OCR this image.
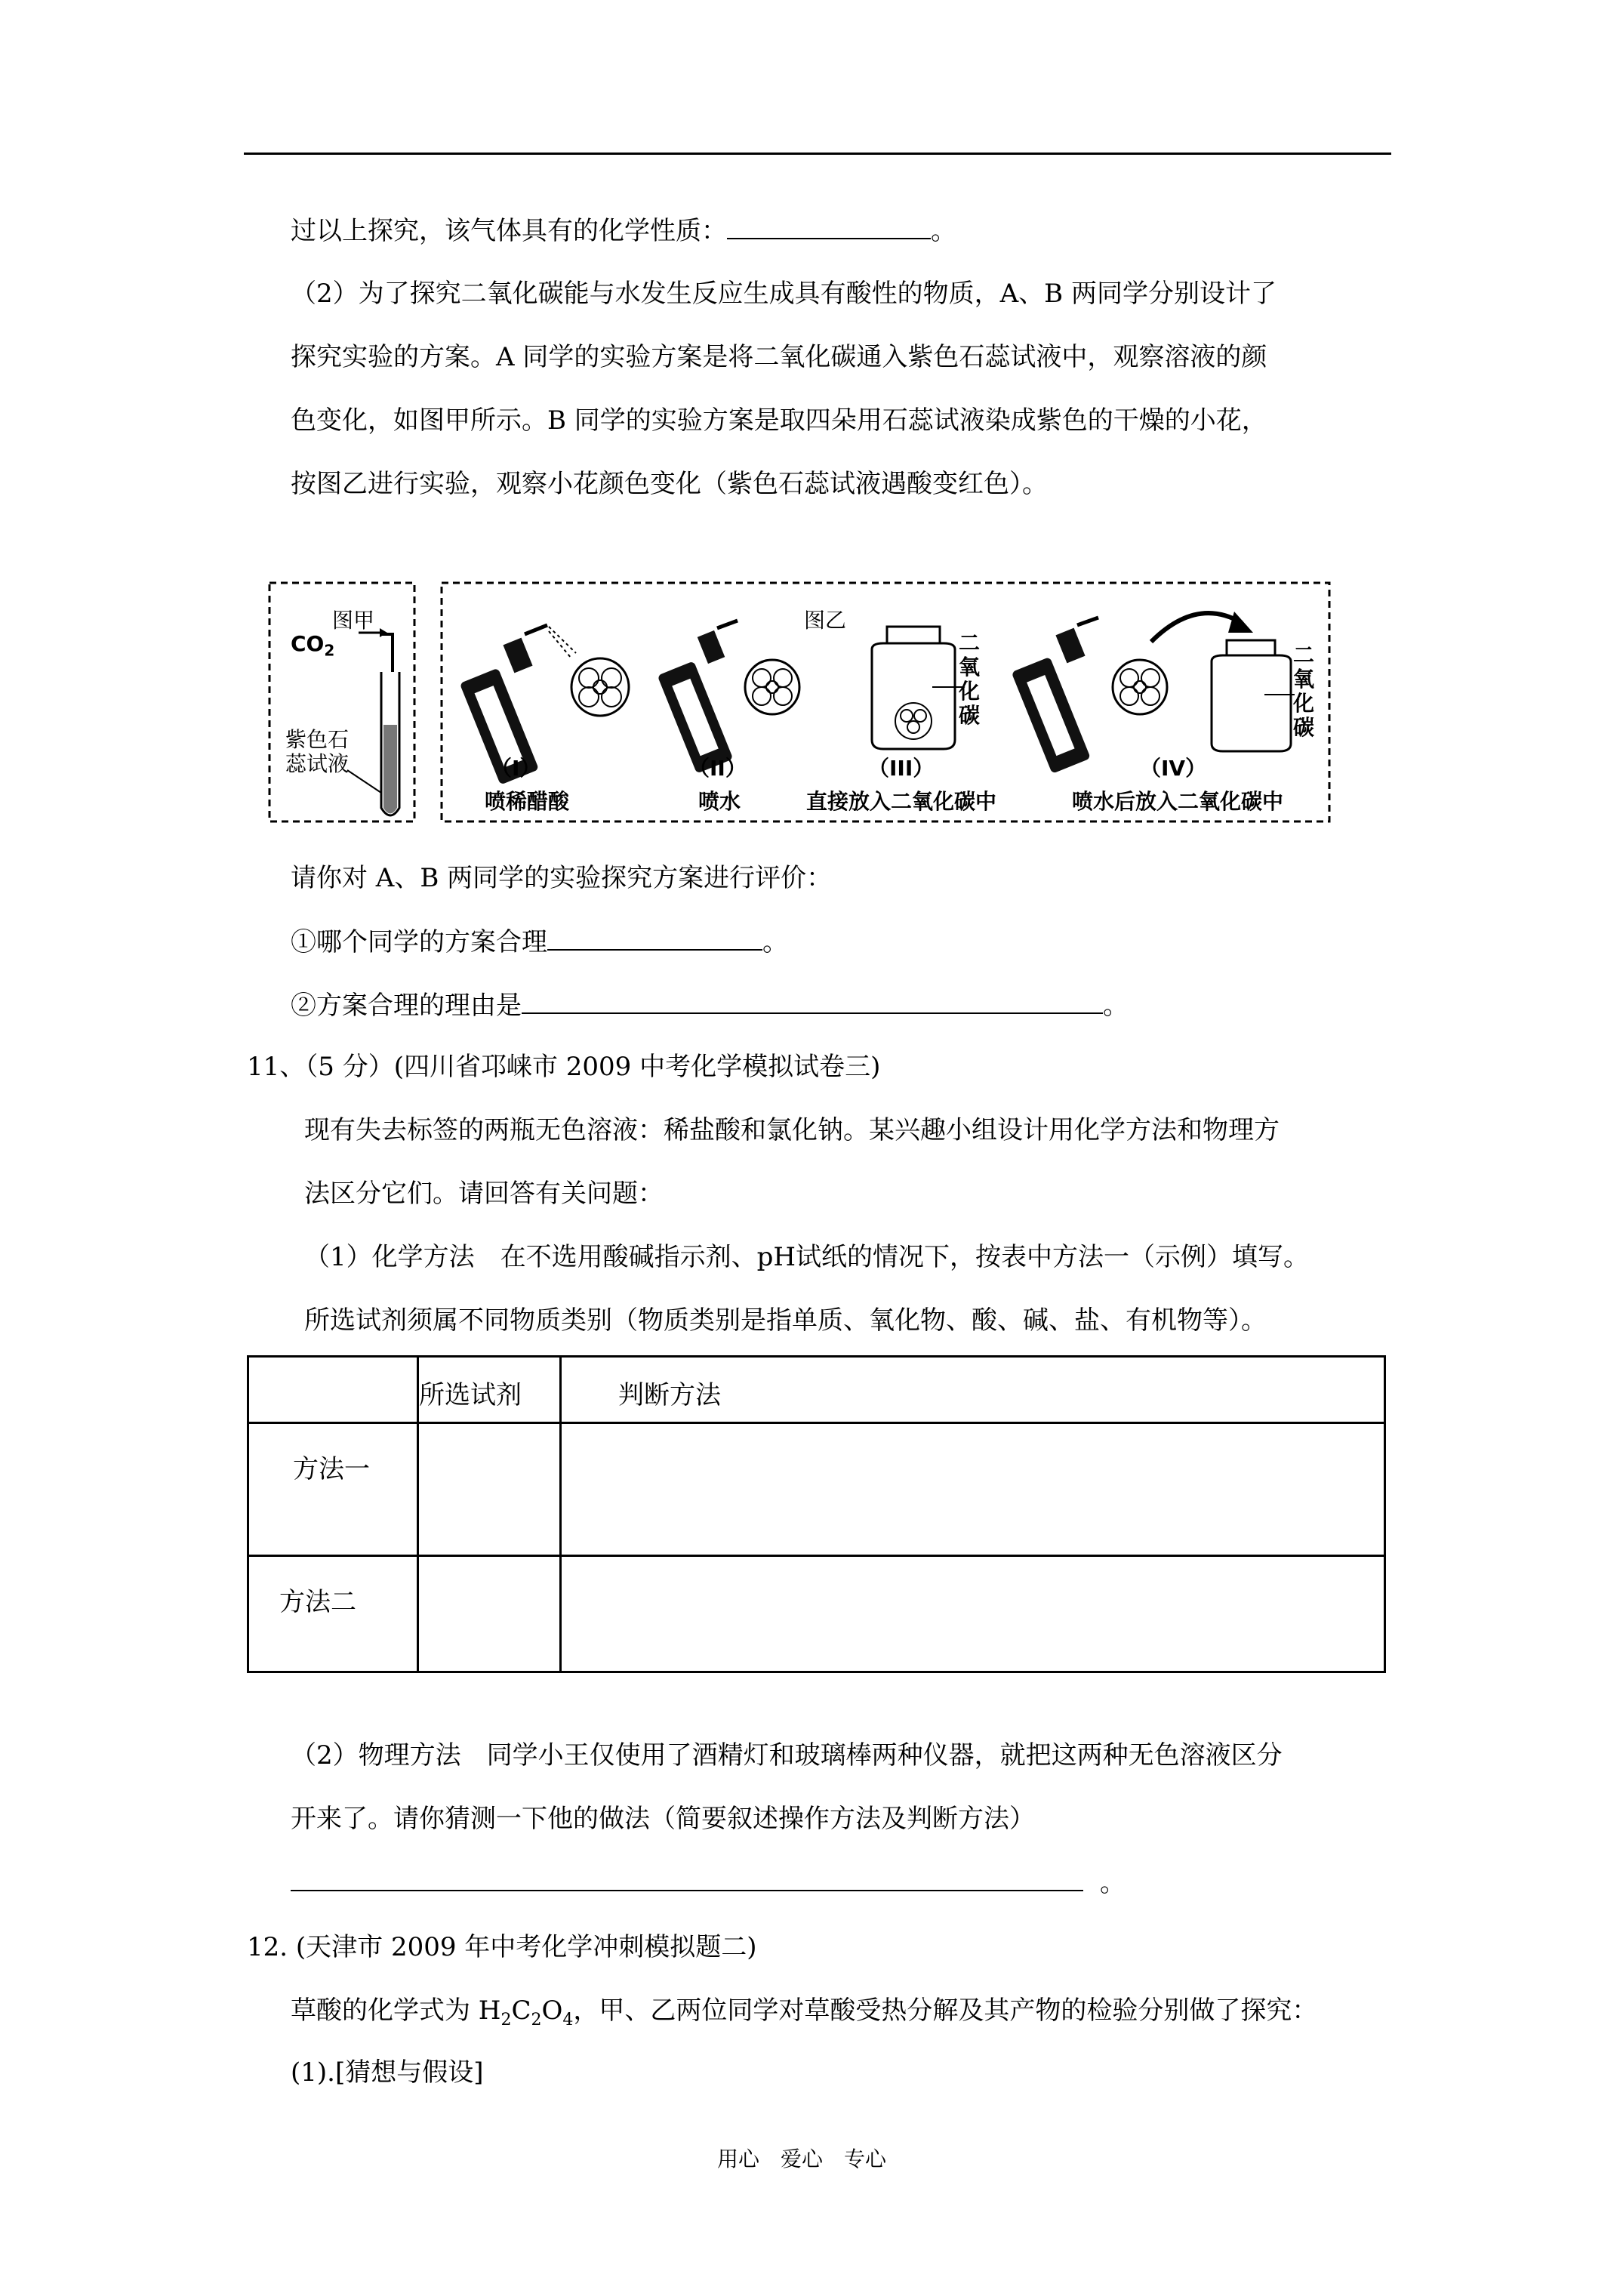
过以上探究，该气体具有的化学性质：	。
（2）为了探究二氧化碳能与水发生反应生成具有酸性的物质，A、B 两同学分别设计了
探究实验的方案。A 同学的实验方案是将二氧化碳通入紫色石蕊试液中，观察溶液的颜
色变化，如图甲所示。B 同学的实验方案是取四朵用石蕊试液染成紫色的干燥的小花，
按图乙进行实验，观察小花颜色变化（紫色石蕊试液遇酸变红色）。
图甲
$CO_2$
紫色石
蕊试液
图乙
（I）
喷稀醋酸
（II）
喷水
（III）
直接放入二氧化碳中
（IV）
喷水后放入二氧化碳中
二氧化碳
二氧化碳
请你对 A、B 两同学的实验探究方案进行评价：
①哪个同学的方案合理	。
②方案合理的理由是	。
11、（5 分）(四川省邛崃市 2009 中考化学模拟试卷三)
现有失去标签的两瓶无色溶液：稀盐酸和氯化钠。某兴趣小组设计用化学方法和物理方
法区分它们。请回答有关问题：
（1）化学方法　在不选用酸碱指示剂、pH试纸的情况下，按表中方法一（示例）填写。
所选试剂须属不同物质类别（物质类别是指单质、氧化物、酸、碱、盐、有机物等）。
	所选试剂	判断方法
方法一		
方法二		
（2）物理方法　同学小王仅使用了酒精灯和玻璃棒两种仪器，就把这两种无色溶液区分
开来了。请你猜测一下他的做法（简要叙述操作方法及判断方法）
。
12. (天津市 2009 年中考化学冲刺模拟题二)
草酸的化学式为 $H_2C_2O_4$，甲、乙两位同学对草酸受热分解及其产物的检验分别做了探究：
(1).[猜想与假设]
用心　爱心　专心
